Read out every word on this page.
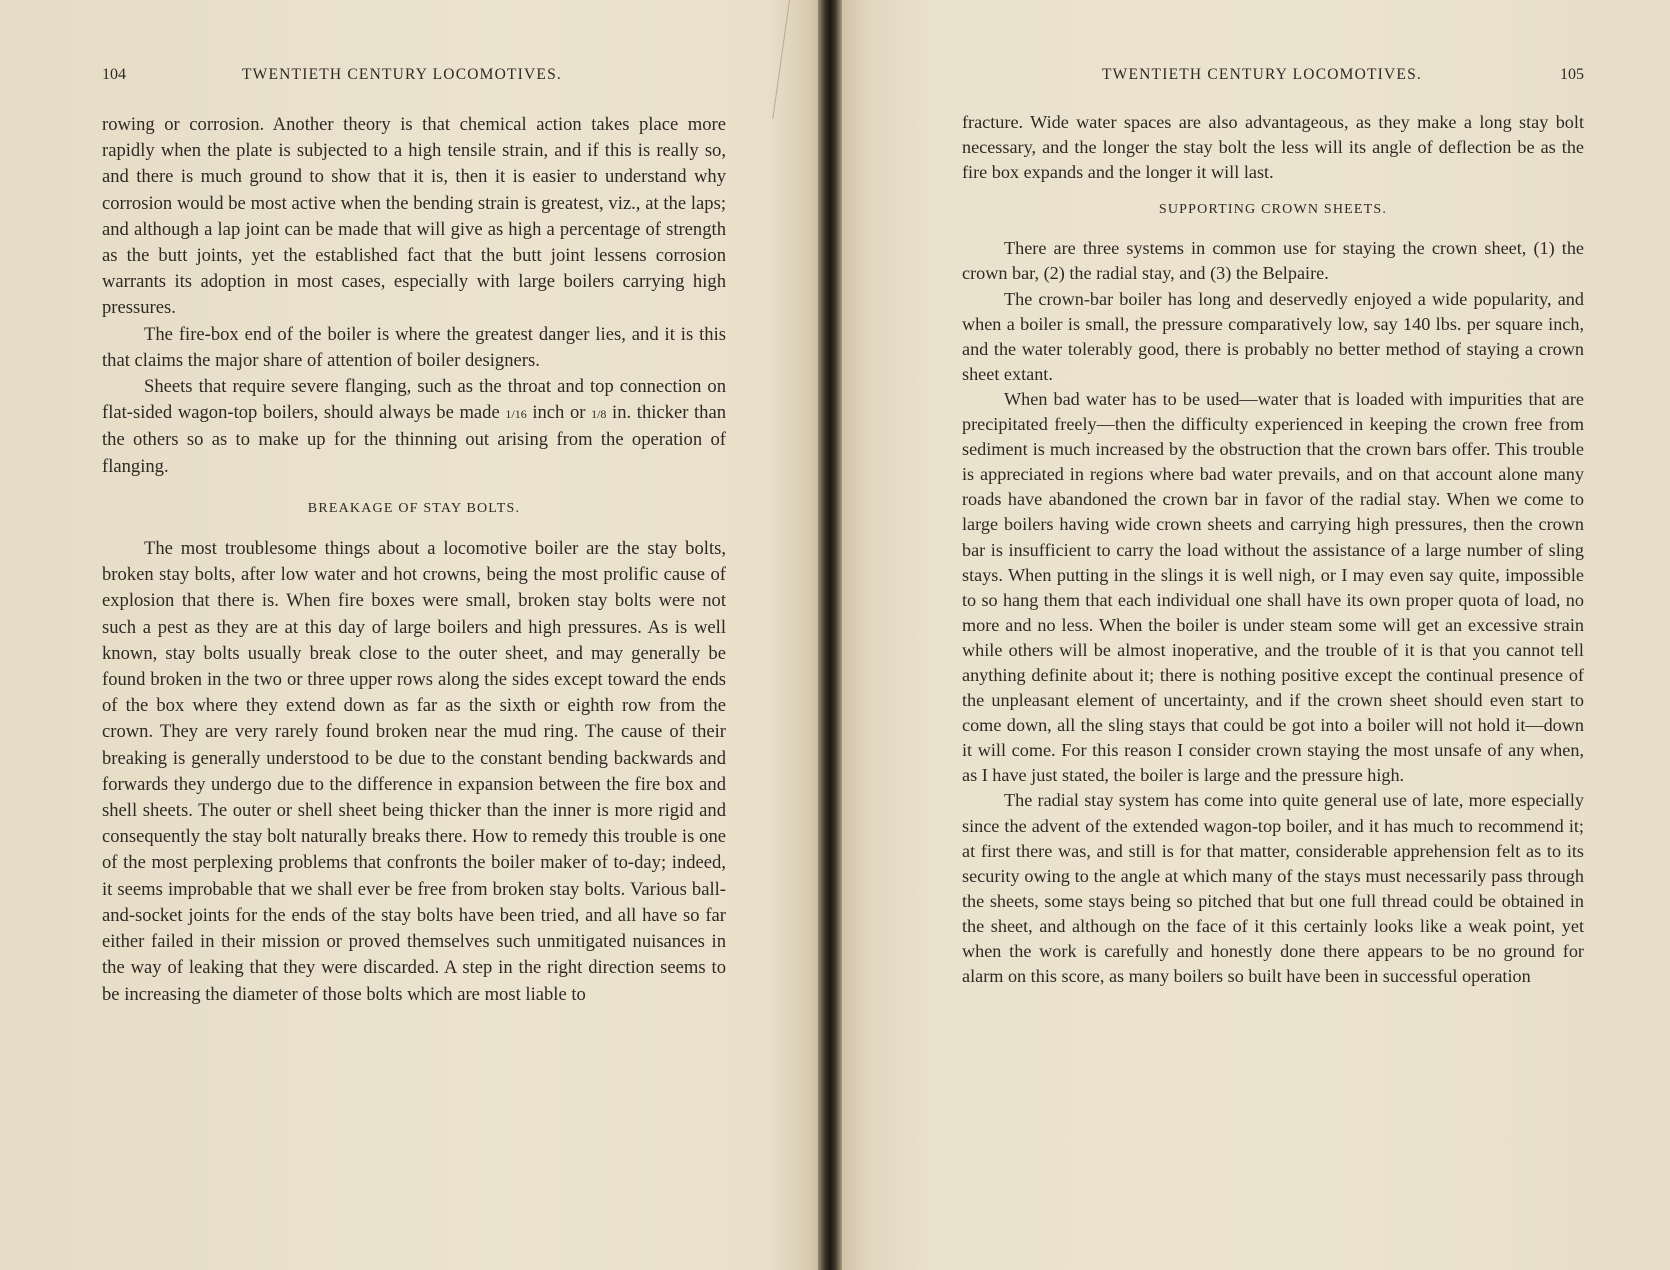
104	TWENTIETH CENTURY LOCOMOTIVES.

rowing or corrosion. Another theory is that chemical action takes place more rapidly when the plate is subjected to a high tensile strain, and if this is really so, and there is much ground to show that it is, then it is easier to understand why corrosion would be most active when the bending strain is greatest, viz., at the laps; and although a lap joint can be made that will give as high a percentage of strength as the butt joints, yet the established fact that the butt joint lessens corrosion warrants its adoption in most cases, especially with large boilers carrying high pressures.

The fire-box end of the boiler is where the greatest danger lies, and it is this that claims the major share of attention of boiler designers.

Sheets that require severe flanging, such as the throat and top connection on flat-sided wagon-top boilers, should always be made 1/16 inch or 1/8 in. thicker than the others so as to make up for the thinning out arising from the operation of flanging.

BREAKAGE OF STAY BOLTS.

The most troublesome things about a locomotive boiler are the stay bolts, broken stay bolts, after low water and hot crowns, being the most prolific cause of explosion that there is. When fire boxes were small, broken stay bolts were not such a pest as they are at this day of large boilers and high pressures. As is well known, stay bolts usually break close to the outer sheet, and may generally be found broken in the two or three upper rows along the sides except toward the ends of the box where they extend down as far as the sixth or eighth row from the crown. They are very rarely found broken near the mud ring. The cause of their breaking is generally understood to be due to the constant bending backwards and forwards they undergo due to the difference in expansion between the fire box and shell sheets. The outer or shell sheet being thicker than the inner is more rigid and consequently the stay bolt naturally breaks there. How to remedy this trouble is one of the most perplexing problems that confronts the boiler maker of to-day; indeed, it seems improbable that we shall ever be free from broken stay bolts. Various ball-and-socket joints for the ends of the stay bolts have been tried, and all have so far either failed in their mission or proved themselves such unmitigated nuisances in the way of leaking that they were discarded. A step in the right direction seems to be increasing the diameter of those bolts which are most liable to

TWENTIETH CENTURY LOCOMOTIVES.	105

fracture. Wide water spaces are also advantageous, as they make a long stay bolt necessary, and the longer the stay bolt the less will its angle of deflection be as the fire box expands and the longer it will last.

SUPPORTING CROWN SHEETS.

There are three systems in common use for staying the crown sheet, (1) the crown bar, (2) the radial stay, and (3) the Belpaire.

The crown-bar boiler has long and deservedly enjoyed a wide popularity, and when a boiler is small, the pressure comparatively low, say 140 lbs. per square inch, and the water tolerably good, there is probably no better method of staying a crown sheet extant.

When bad water has to be used—water that is loaded with impurities that are precipitated freely—then the difficulty experienced in keeping the crown free from sediment is much increased by the obstruction that the crown bars offer. This trouble is appreciated in regions where bad water prevails, and on that account alone many roads have abandoned the crown bar in favor of the radial stay. When we come to large boilers having wide crown sheets and carrying high pressures, then the crown bar is insufficient to carry the load without the assistance of a large number of sling stays. When putting in the slings it is well nigh, or I may even say quite, impossible to so hang them that each individual one shall have its own proper quota of load, no more and no less. When the boiler is under steam some will get an excessive strain while others will be almost inoperative, and the trouble of it is that you cannot tell anything definite about it; there is nothing positive except the continual presence of the unpleasant element of uncertainty, and if the crown sheet should even start to come down, all the sling stays that could be got into a boiler will not hold it—down it will come. For this reason I consider crown staying the most unsafe of any when, as I have just stated, the boiler is large and the pressure high.

The radial stay system has come into quite general use of late, more especially since the advent of the extended wagon-top boiler, and it has much to recommend it; at first there was, and still is for that matter, considerable apprehension felt as to its security owing to the angle at which many of the stays must necessarily pass through the sheets, some stays being so pitched that but one full thread could be obtained in the sheet, and although on the face of it this certainly looks like a weak point, yet when the work is carefully and honestly done there appears to be no ground for alarm on this score, as many boilers so built have been in successful operation
